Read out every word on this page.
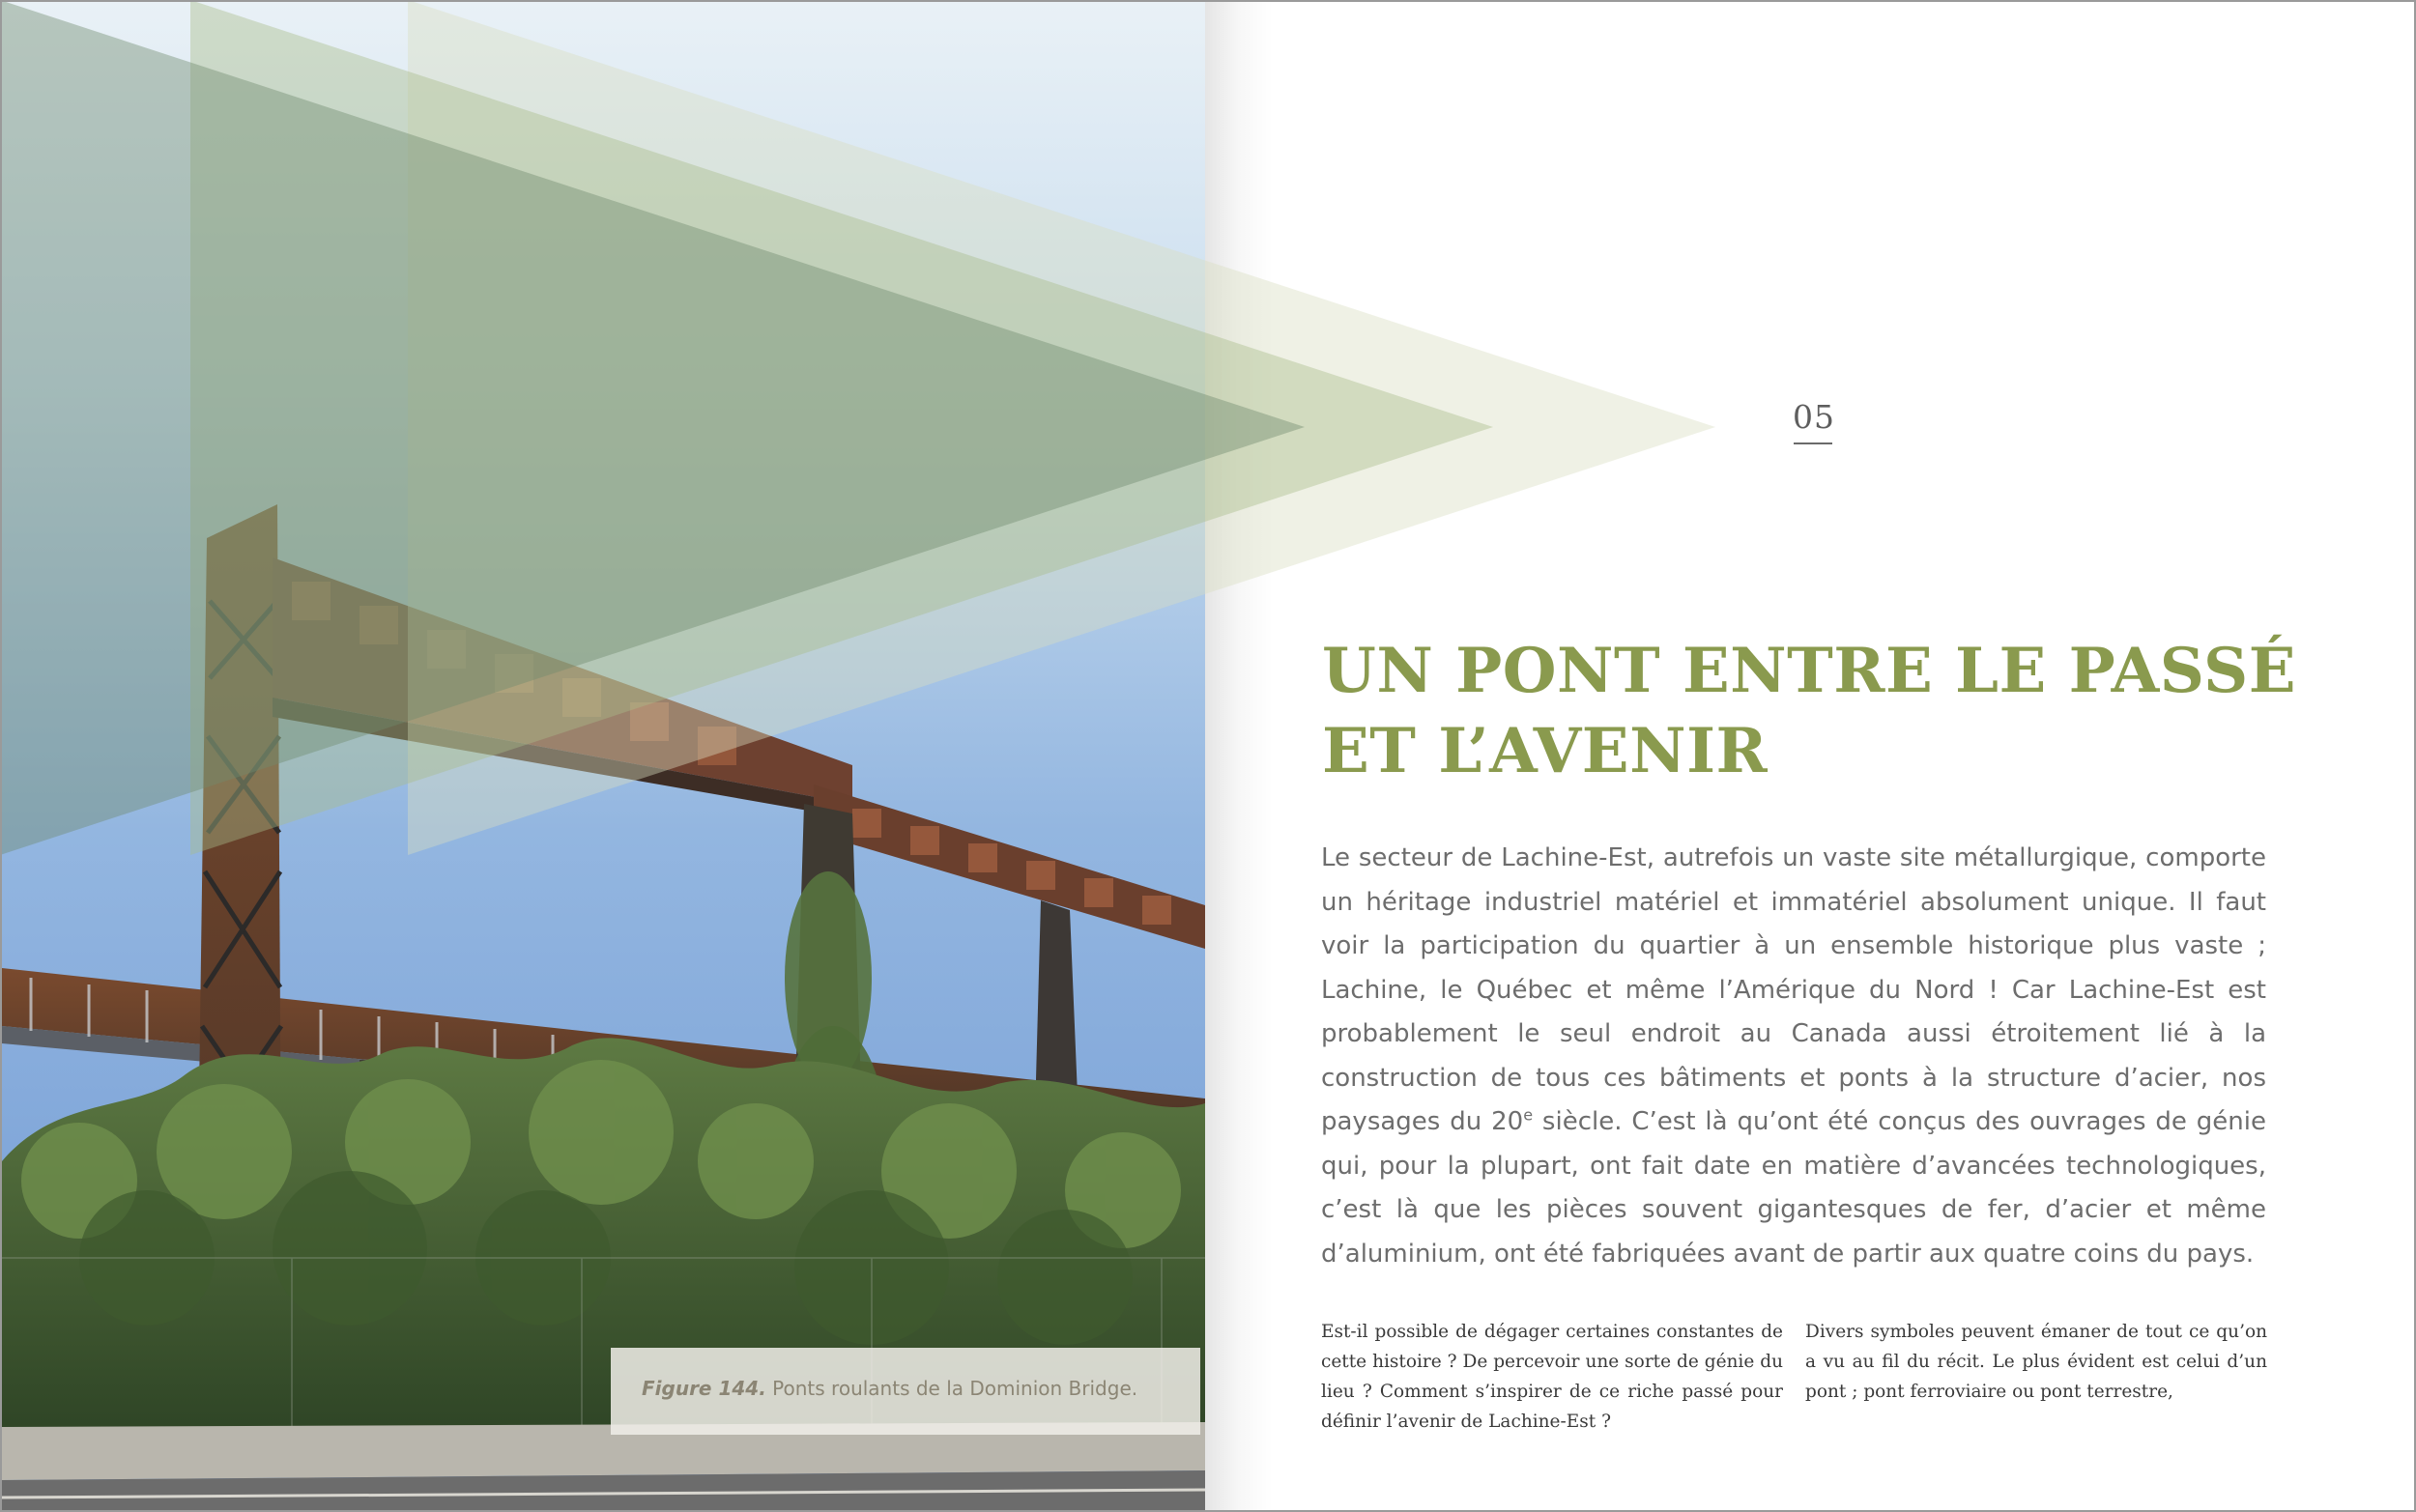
Figure 144. Ponts roulants de la Dominion Bridge.
05
UN PONT ENTRE LE PASSÉ
ET L’AVENIR

Le secteur de Lachine-Est, autrefois un vaste site métallurgique, comporte un héritage industriel matériel et immatériel absolument unique. Il faut voir la participation du quartier à un ensemble historique plus vaste ; Lachine, le Québec et même l’Amérique du Nord ! Car Lachine-Est est probablement le seul endroit au Canada aussi étroitement lié à la construction de tous ces bâtiments et ponts à la structure d’acier, nos paysages du 20e siècle. C’est là qu’ont été conçus des ouvrages de génie qui, pour la plupart, ont fait date en matière d’avancées technologiques, c’est là que les pièces souvent gigantesques de fer, d’acier et même d’aluminium, ont été fabriquées avant de partir aux quatre coins du pays.

Est-il possible de dégager certaines constantes de cette histoire ? De percevoir une sorte de génie du lieu ? Comment s’inspirer de ce riche passé pour définir l’avenir de Lachine-Est ?

Divers symboles peuvent émaner de tout ce qu’on a vu au fil du récit. Le plus évident est celui d’un pont ; pont ferroviaire ou pont terrestre,
